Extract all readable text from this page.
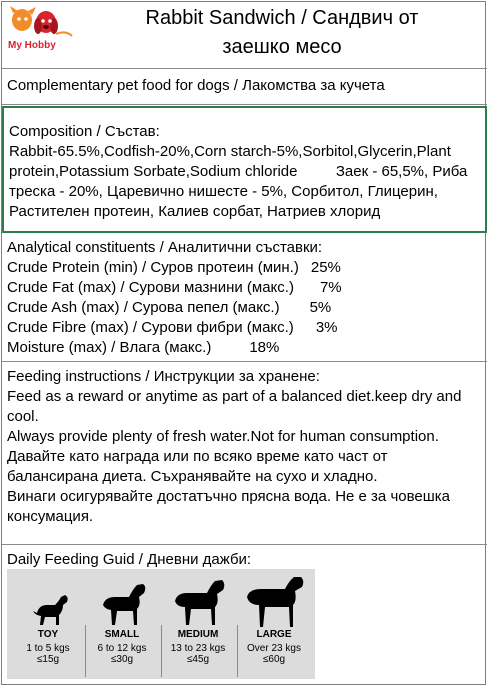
My Hobby
Rabbit Sandwich / Сандвич от
заешко месо
Complementary pet food for dogs / Лакомства за кучета
Composition / Състав:
Rabbit-65.5%,Codfish-20%,Corn starch-5%,Sorbitol,Glycerin,Plant protein,Potassium Sorbate,Sodium chloride	Заек - 65,5%, Риба треска - 20%, Царевично нишесте - 5%, Сорбитол, Глицерин, Растителен протеин, Калиев сорбат, Натриев хлорид
Analytical constituents / Аналитични съставки:
Crude Protein (min) / Суров протеин (мин.) 25%
Crude Fat (max) / Сурови мазнини (макс.) 7%
Crude Ash (max) / Сурова пепел (макс.) 5%
Crude Fibre (max) / Сурови фибри (макс.) 3%
Moisture (max) / Влага (макс.)	18%
Feeding instructions / Инструкции за хранене:
Feed as a reward or anytime as part of a balanced diet.keep dry and cool.
Always provide plenty of fresh water.Not for human consumption.
Давайте като награда или по всяко време като част от балансирана диета. Съхранявайте на сухо и хладно.
Винаги осигурявайте достатъчно прясна вода. Не е за човешка консумация.
Daily Feeding Guid / Дневни дажби:
TOY
1 to 5 kgs
≤15g
SMALL
6 to 12 kgs
≤30g
MEDIUM
13 to 23 kgs
≤45g
LARGE
Over 23 kgs
≤60g
